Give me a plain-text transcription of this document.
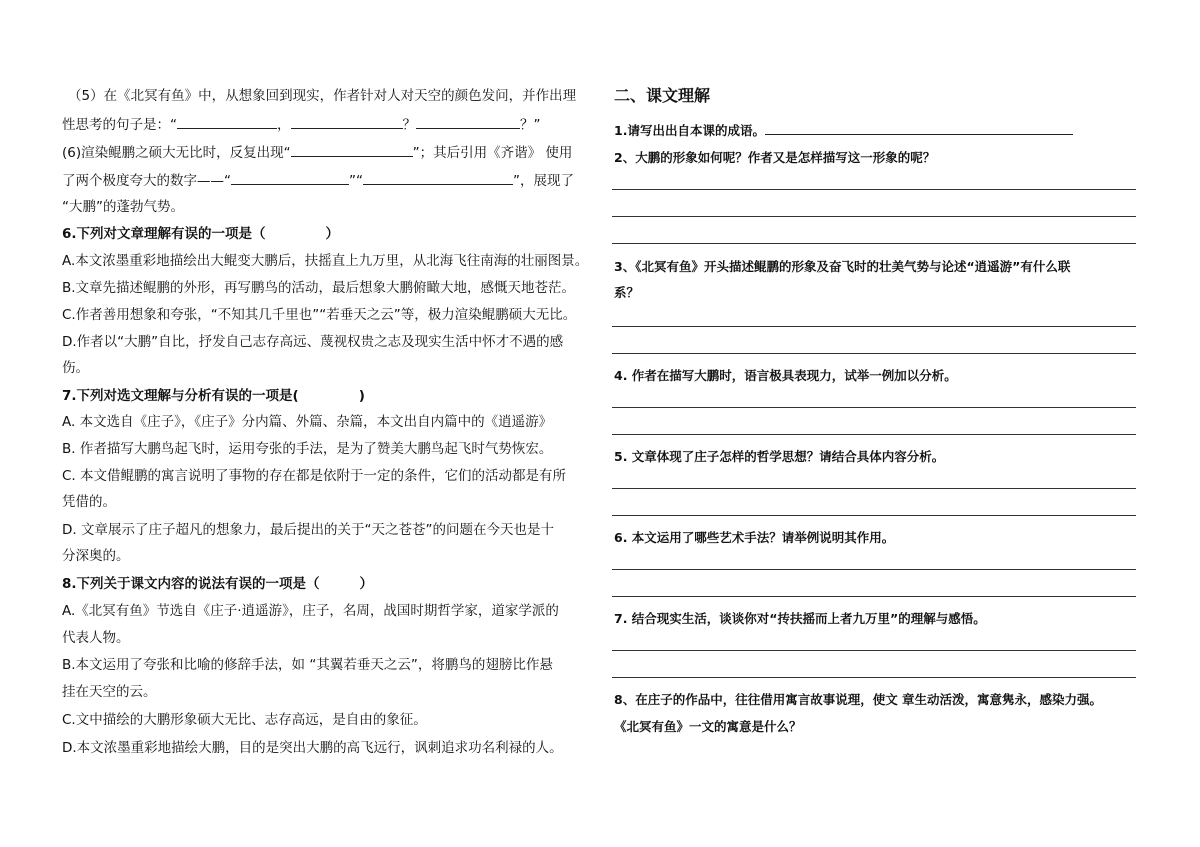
（5）在《北冥有鱼》中，从想象回到现实，作者针对人对天空的颜色发问，并作出理
性思考的句子是：“	，	？	？”
(6)渲染鲲鹏之硕大无比时，反复出现“	”；其后引用《齐谐》 使用
了两个极度夸大的数字——“	”“	”，展现了
“大鹏”的蓬勃气势。
6.下列对文章理解有误的一项是（	）
A.本文浓墨重彩地描绘出大鲲变大鹏后，扶摇直上九万里，从北海飞往南海的壮丽图景。
B.文章先描述鲲鹏的外形，再写鹏鸟的活动，最后想象大鹏俯瞰大地，感慨天地苍茫。
C.作者善用想象和夸张，“不知其几千里也”“若垂天之云”等，极力渲染鲲鹏硕大无比。
D.作者以“大鹏”自比，抒发自己志存高远、蔑视权贵之志及现实生活中怀才不遇的感
伤。
7.下列对选文理解与分析有误的一项是(	)
A. 本文选自《庄子》，《庄子》分内篇、外篇、杂篇，本文出自内篇中的《逍遥游》
B. 作者描写大鹏鸟起飞时，运用夸张的手法，是为了赞美大鹏鸟起飞时气势恢宏。
C. 本文借鲲鹏的寓言说明了事物的存在都是依附于一定的条件，它们的活动都是有所
凭借的。
D. 文章展示了庄子超凡的想象力，最后提出的关于“天之苍苍”的问题在今天也是十
分深奥的。
8.下列关于课文内容的说法有误的一项是（	）
A.《北冥有鱼》节选自《庄子·逍遥游》，庄子，名周，战国时期哲学家，道家学派的
代表人物。
B.本文运用了夸张和比喻的修辞手法，如 “其翼若垂天之云”，将鹏鸟的翅膀比作悬
挂在天空的云。
C.文中描绘的大鹏形象硕大无比、志存高远，是自由的象征。
D.本文浓墨重彩地描绘大鹏，目的是突出大鹏的高飞远行，讽刺追求功名利禄的人。
二、课文理解
1.请写出出自本课的成语。
2、大鹏的形象如何呢？作者又是怎样描写这一形象的呢？
3、《北冥有鱼》开头描述鲲鹏的形象及奋飞时的壮美气势与论述“逍遥游”有什么联
系？
4. 作者在描写大鹏时，语言极具表现力，试举一例加以分析。
5. 文章体现了庄子怎样的哲学思想？请结合具体内容分析。
6. 本文运用了哪些艺术手法？请举例说明其作用。
7. 结合现实生活，谈谈你对“抟扶摇而上者九万里”的理解与感悟。
8、在庄子的作品中，往往借用寓言故事说理，使文 章生动活泼，寓意隽永，感染力强。
《北冥有鱼》一文的寓意是什么？
